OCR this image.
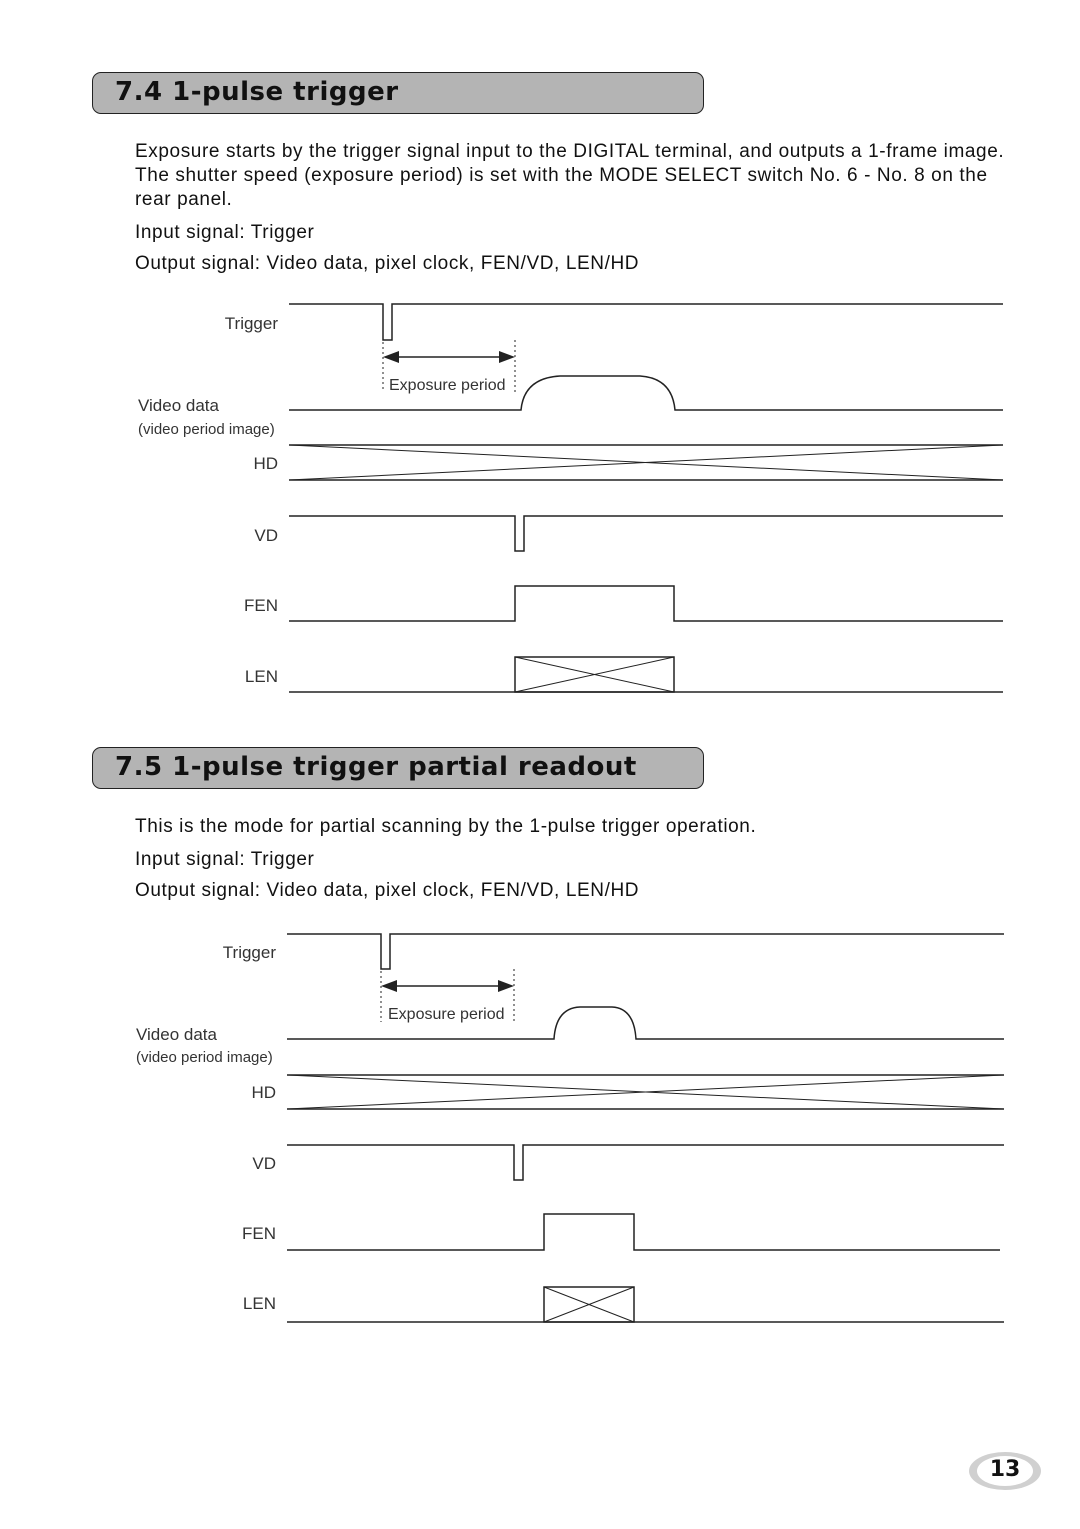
7.4 1-pulse trigger

Exposure starts by the trigger signal input to the DIGITAL terminal, and outputs a 1-frame image. The shutter speed (exposure period) is set with the MODE SELECT switch No. 6 - No. 8 on the rear panel.

Input signal: Trigger

Output signal: Video data, pixel clock, FEN/VD, LEN/HD

Trigger
Exposure period
Video data
(video period image)
HD
VD
FEN
LEN
7.5 1-pulse trigger partial readout

This is the mode for partial scanning by the 1-pulse trigger operation.

Input signal: Trigger

Output signal: Video data, pixel clock, FEN/VD, LEN/HD

Trigger
Exposure period
Video data
(video period image)
HD
VD
FEN
LEN
13
